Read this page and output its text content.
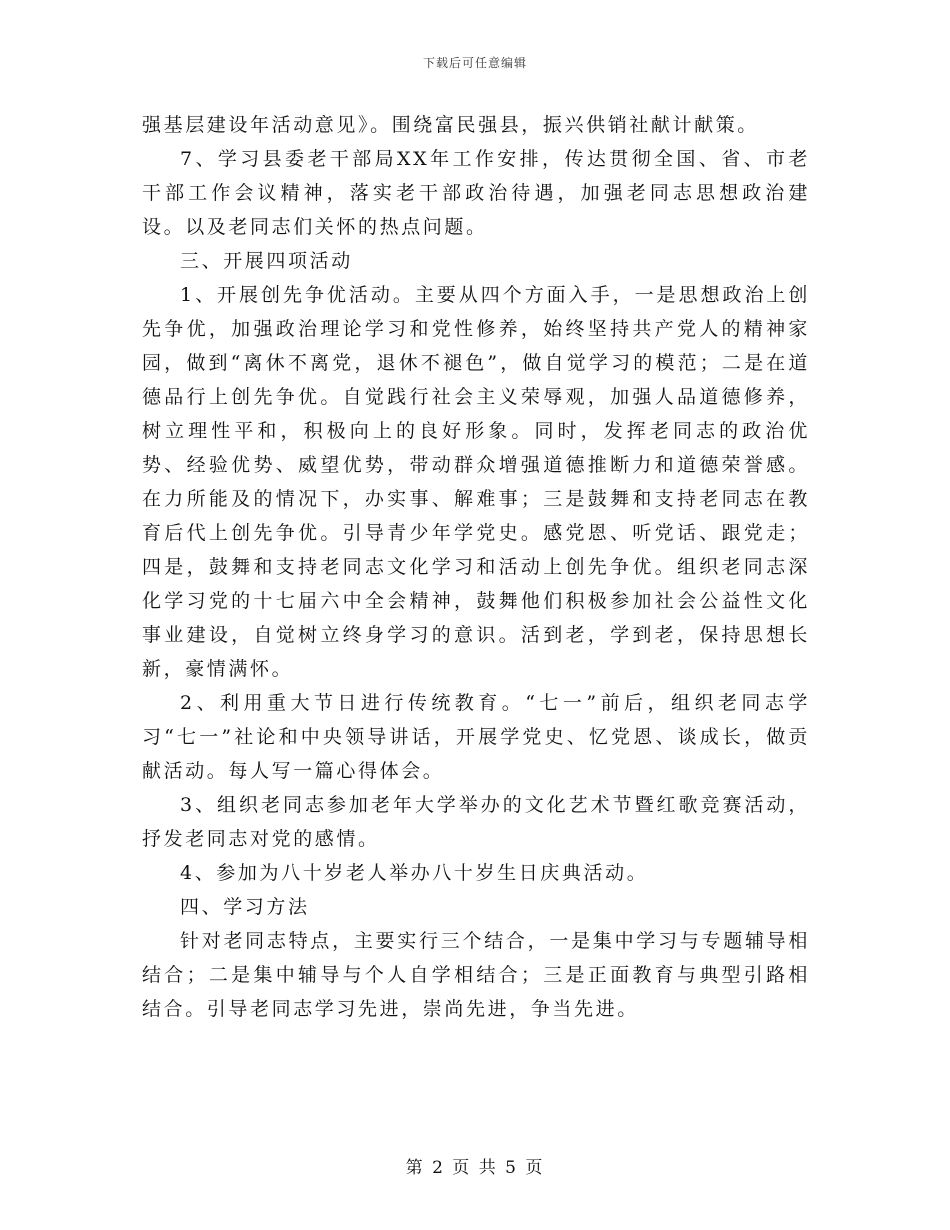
下载后可任意编辑

强基层建设年活动意见》。围绕富民强县，振兴供销社献计献策。

7、学习县委老干部局XX年工作安排，传达贯彻全国、省、市老干部工作会议精神，落实老干部政治待遇，加强老同志思想政治建设。以及老同志们关怀的热点问题。

三、开展四项活动

1、开展创先争优活动。主要从四个方面入手，一是思想政治上创先争优，加强政治理论学习和党性修养，始终坚持共产党人的精神家园，做到“离休不离党，退休不褪色”，做自觉学习的模范；二是在道德品行上创先争优。自觉践行社会主义荣辱观，加强人品道德修养，树立理性平和，积极向上的良好形象。同时，发挥老同志的政治优势、经验优势、威望优势，带动群众增强道德推断力和道德荣誉感。在力所能及的情况下，办实事、解难事；三是鼓舞和支持老同志在教育后代上创先争优。引导青少年学党史。感党恩、听党话、跟党走；四是，鼓舞和支持老同志文化学习和活动上创先争优。组织老同志深化学习党的十七届六中全会精神，鼓舞他们积极参加社会公益性文化事业建设，自觉树立终身学习的意识。活到老，学到老，保持思想长新，豪情满怀。

2、利用重大节日进行传统教育。“七一”前后，组织老同志学习“七一”社论和中央领导讲话，开展学党史、忆党恩、谈成长，做贡献活动。每人写一篇心得体会。

3、组织老同志参加老年大学举办的文化艺术节暨红歌竞赛活动，抒发老同志对党的感情。

4、参加为八十岁老人举办八十岁生日庆典活动。

四、学习方法

针对老同志特点，主要实行三个结合，一是集中学习与专题辅导相结合；二是集中辅导与个人自学相结合；三是正面教育与典型引路相结合。引导老同志学习先进，崇尚先进，争当先进。

第 2 页 共 5 页
